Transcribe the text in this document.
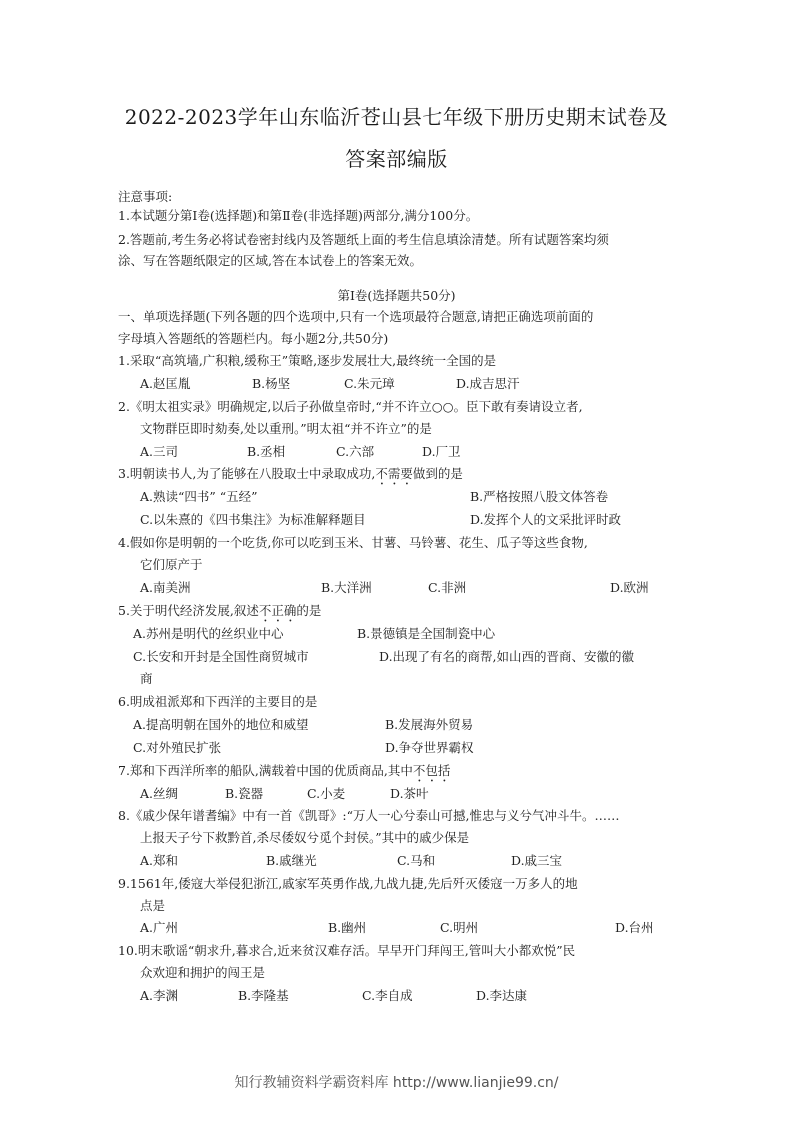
2022-2023学年山东临沂苍山县七年级下册历史期末试卷及
答案部编版
注意事项:
1.本试题分第Ⅰ卷(选择题)和第Ⅱ卷(非选择题)两部分,满分100分。
2.答题前,考生务必将试卷密封线内及答题纸上面的考生信息填涂清楚。所有试题答案均须
涂、写在答题纸限定的区域,答在本试卷上的答案无效。
第Ⅰ卷(选择题共50分)
一、单项选择题(下列各题的四个选项中,只有一个选项最符合题意,请把正确选项前面的
字母填入答题纸的答题栏内。每小题2分,共50分)
1.采取“高筑墙,广积粮,缓称王”策略,逐步发展壮大,最终统一全国的是
A.赵匡胤	B.杨坚	C.朱元璋	D.成吉思汗
2.《明太祖实录》明确规定,以后子孙做皇帝时,“并不许立○○。臣下敢有奏请设立者,
文物群臣即时劾奏,处以重刑。”明太祖“并不许立”的是
A.三司	B.丞相	C.六部	D.厂卫
3.明朝读书人,为了能够在八股取士中录取成功,不需要做到的是
A.熟读“四书” “五经”	B.严格按照八股文体答卷
C.以朱熹的《四书集注》为标准解释题目	D.发挥个人的文采批评时政
4.假如你是明朝的一个吃货,你可以吃到玉米、甘薯、马铃薯、花生、瓜子等这些食物,
它们原产于
A.南美洲	B.大洋洲	C.非洲	D.欧洲
5.关于明代经济发展,叙述不正确的是
A.苏州是明代的丝织业中心	B.景德镇是全国制瓷中心
C.长安和开封是全国性商贸城市	D.出现了有名的商帮,如山西的晋商、安徽的徽
商
6.明成祖派郑和下西洋的主要目的是
A.提高明朝在国外的地位和威望	B.发展海外贸易
C.对外殖民扩张	D.争夺世界霸权
7.郑和下西洋所率的船队,满载着中国的优质商品,其中不包括
A.丝绸	B.瓷器	C.小麦	D.茶叶
8.《戚少保年谱耆编》中有一首《凯哥》:“万人一心兮泰山可撼,惟忠与义兮气冲斗牛。……
上报天子兮下救黔首,杀尽倭奴兮觅个封侯。”其中的戚少保是
A.郑和	B.戚继光	C.马和	D.戚三宝
9.1561年,倭寇大举侵犯浙江,戚家军英勇作战,九战九捷,先后歼灭倭寇一万多人的地
点是
A.广州	B.幽州	C.明州	D.台州
10.明末歌谣“朝求升,暮求合,近来贫汉难存活。早早开门拜闯王,管叫大小都欢悦”民
众欢迎和拥护的闯王是
A.李渊	B.李隆基	C.李自成	D.李达康
知行教辅资料学霸资料库 http://www.lianjie99.cn/
